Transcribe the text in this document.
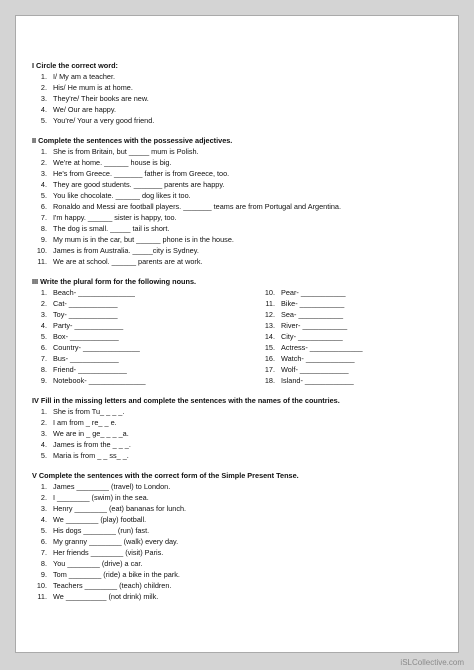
I Circle the correct word:
1. I/ My am a teacher.
2. His/ He mum is at home.
3. They're/ Their books are new.
4. We/ Our are happy.
5. You're/ Your a very good friend.
II Complete the sentences with the possessive adjectives.
1. She is from Britain, but _____ mum is Polish.
2. We're at home. ______ house is big.
3. He's from Greece. _______ father is from Greece, too.
4. They are good students. _______ parents are happy.
5. You like chocolate. ______ dog likes it too.
6. Ronaldo and Messi are football players. _______ teams are from Portugal and Argentina.
7. I'm happy. ______ sister is happy, too.
8. The dog is small. _____ tail is short.
9. My mum is in the car, but ______ phone is in the house.
10. James is from Australia. _____city is Sydney.
11. We are at school. ______ parents are at work.
III Write the plural form for the following nouns.
1. Beach- ______________
2. Cat- ____________
3. Toy- ____________
4. Party- ____________
5. Box- ____________
6. Country- ______________
7. Bus- ____________
8. Friend- ____________
9. Notebook- ______________
10. Pear- ___________
11. Bike- ___________
12. Sea- ___________
13. River- ___________
14. City- ___________
15. Actress- _____________
16. Watch- ____________
17. Wolf- ____________
18. Island- ____________
IV Fill in the missing letters and complete the sentences with the names of the countries.
1. She is from Tu_ _ _ _.
2. I am from _ re_ _ e.
3. We are in _ ge_ _ _ _a.
4. James is from the _ _ _.
5. Maria is from _ _ ss_ _.
V Complete the sentences with the correct form of the Simple Present Tense.
1. James ________ (travel) to London.
2. I ________ (swim) in the sea.
3. Henry ________ (eat) bananas for lunch.
4. We ________ (play) football.
5. His dogs ________ (run) fast.
6. My granny ________ (walk) every day.
7. Her friends ________ (visit) Paris.
8. You ________ (drive) a car.
9. Tom ________ (ride) a bike in the park.
10. Teachers ________ (teach) children.
11. We __________ (not drink) milk.
iSLCollective.com
